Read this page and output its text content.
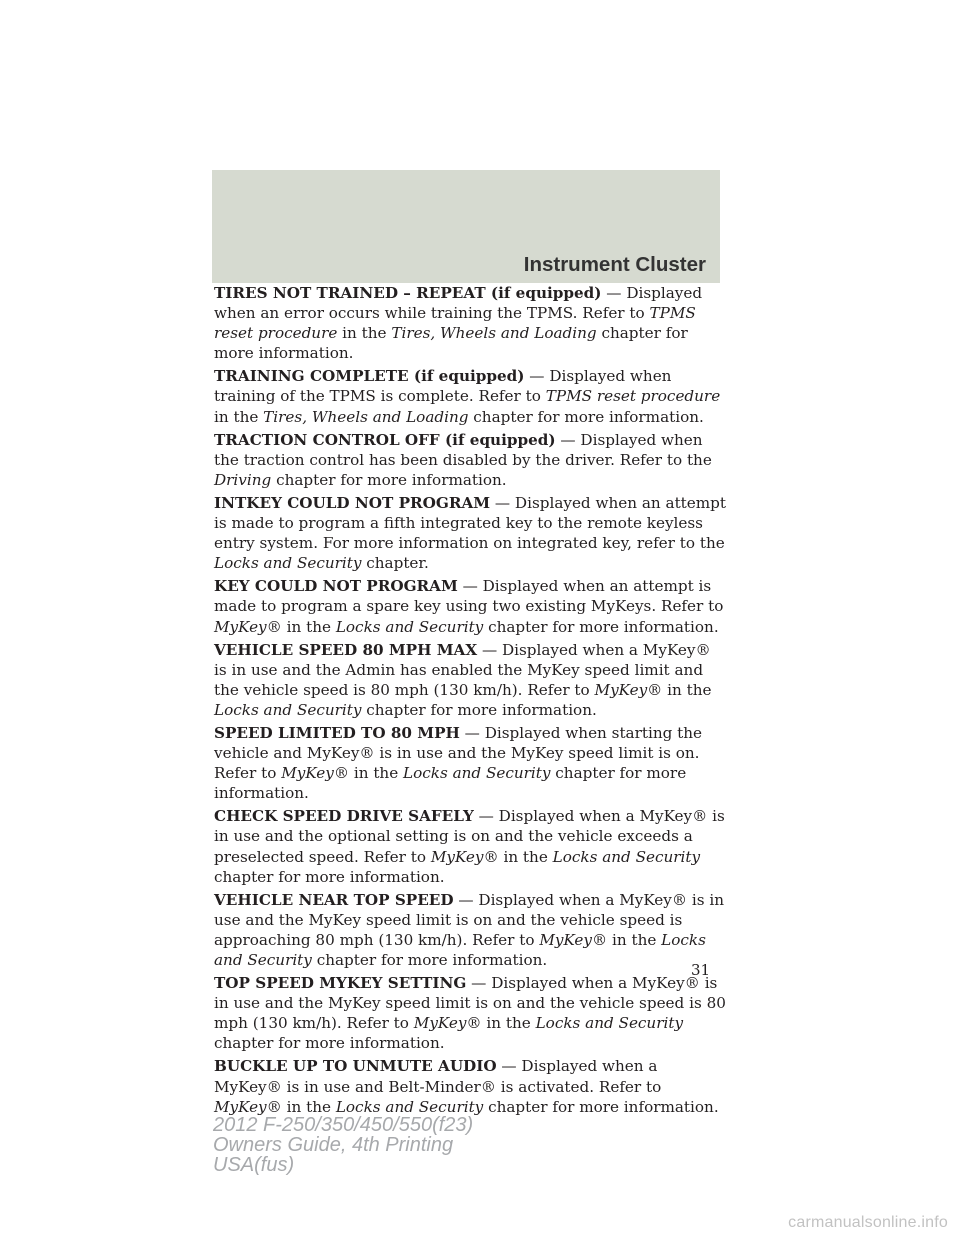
Instrument Cluster

TIRES NOT TRAINED – REPEAT (if equipped) — Displayed when an error occurs while training the TPMS. Refer to TPMS reset procedure in the Tires, Wheels and Loading chapter for more information.

TRAINING COMPLETE (if equipped) — Displayed when training of the TPMS is complete. Refer to TPMS reset procedure in the Tires, Wheels and Loading chapter for more information.

TRACTION CONTROL OFF (if equipped) — Displayed when the traction control has been disabled by the driver. Refer to the Driving chapter for more information.

INTKEY COULD NOT PROGRAM — Displayed when an attempt is made to program a fifth integrated key to the remote keyless entry system. For more information on integrated key, refer to the Locks and Security chapter.

KEY COULD NOT PROGRAM — Displayed when an attempt is made to program a spare key using two existing MyKeys. Refer to MyKey® in the Locks and Security chapter for more information.

VEHICLE SPEED 80 MPH MAX — Displayed when a MyKey® is in use and the Admin has enabled the MyKey speed limit and the vehicle speed is 80 mph (130 km/h). Refer to MyKey® in the Locks and Security chapter for more information.

SPEED LIMITED TO 80 MPH — Displayed when starting the vehicle and MyKey® is in use and the MyKey speed limit is on. Refer to MyKey® in the Locks and Security chapter for more information.

CHECK SPEED DRIVE SAFELY — Displayed when a MyKey® is in use and the optional setting is on and the vehicle exceeds a preselected speed. Refer to MyKey® in the Locks and Security chapter for more information.

VEHICLE NEAR TOP SPEED — Displayed when a MyKey® is in use and the MyKey speed limit is on and the vehicle speed is approaching 80 mph (130 km/h). Refer to MyKey® in the Locks and Security chapter for more information.

TOP SPEED MYKEY SETTING — Displayed when a MyKey® is in use and the MyKey speed limit is on and the vehicle speed is 80 mph (130 km/h). Refer to MyKey® in the Locks and Security chapter for more information.

BUCKLE UP TO UNMUTE AUDIO — Displayed when a MyKey® is in use and Belt-Minder® is activated. Refer to MyKey® in the Locks and Security chapter for more information.

31
2012 F-250/350/450/550(f23)
Owners Guide, 4th Printing
USA(fus)
carmanualsonline.info
